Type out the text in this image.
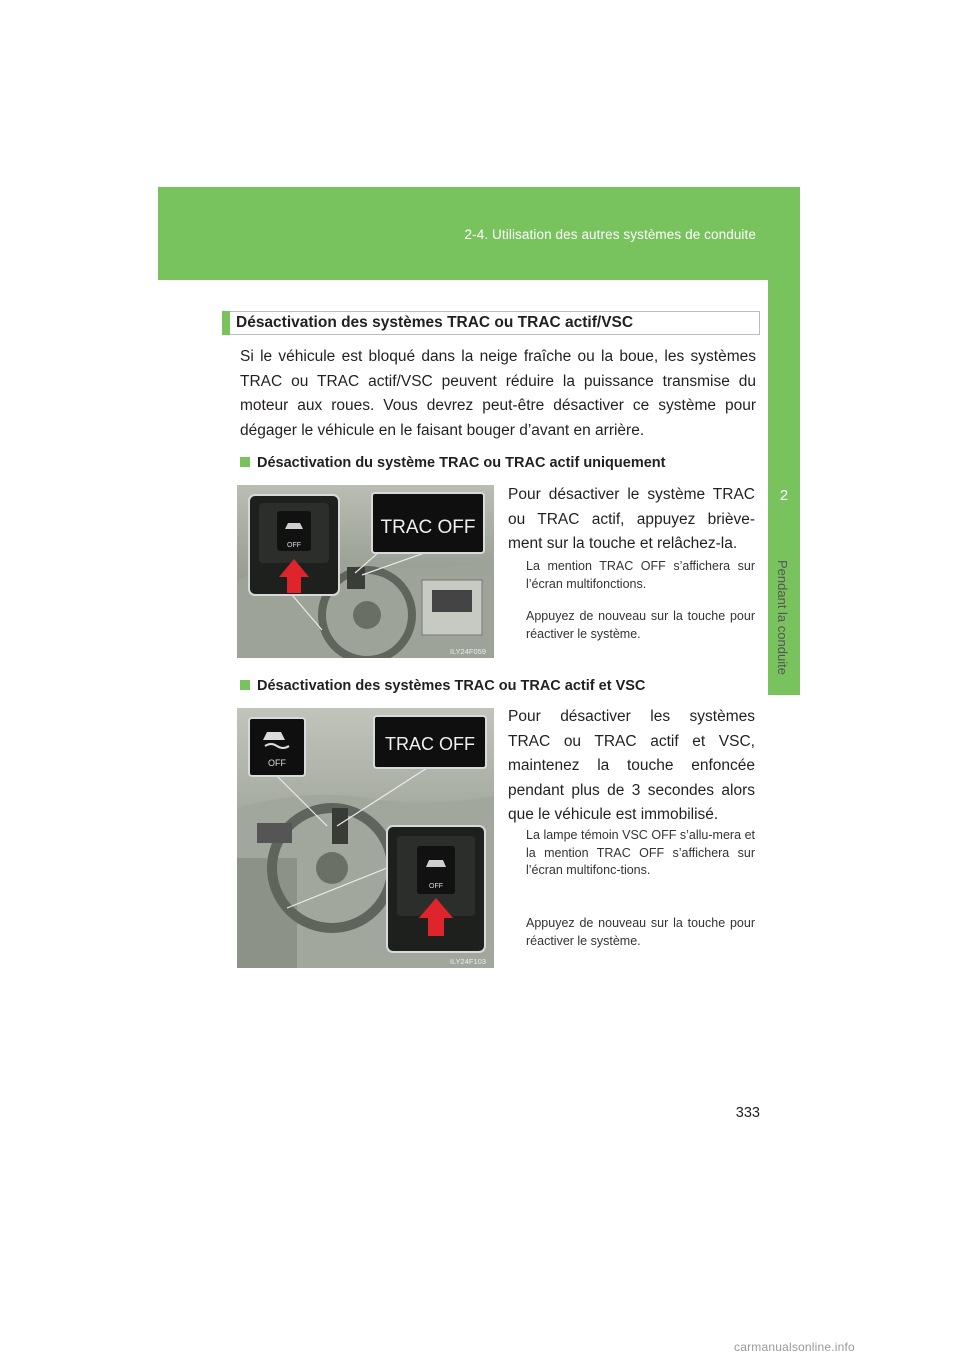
2-4. Utilisation des autres systèmes de conduite
2
Pendant la conduite
Désactivation des systèmes TRAC ou TRAC actif/VSC

Si le véhicule est bloqué dans la neige fraîche ou la boue, les systèmes TRAC ou TRAC actif/VSC peuvent réduire la puissance transmise du moteur aux roues. Vous devrez peut-être désactiver ce système pour dégager le véhicule en le faisant bouger d’avant en arrière.

Désactivation du système TRAC ou TRAC actif uniquement
OFF
TRAC OFF
ILY24F059

Pour désactiver le système TRAC ou TRAC actif, appuyez briève-ment sur la touche et relâchez-la.

La mention TRAC OFF s’affichera sur l’écran multifonctions.

Appuyez de nouveau sur la touche pour réactiver le système.

Désactivation des systèmes TRAC ou TRAC actif et VSC
OFF
TRAC OFF
OFF
ILY24F103

Pour désactiver les systèmes TRAC ou TRAC actif et VSC, maintenez la touche enfoncée pendant plus de 3 secondes alors que le véhicule est immobilisé.

La lampe témoin VSC OFF s’allu-mera et la mention TRAC OFF s’affichera sur l’écran multifonc-tions.

Appuyez de nouveau sur la touche pour réactiver le système.

333
carmanualsonline.info
